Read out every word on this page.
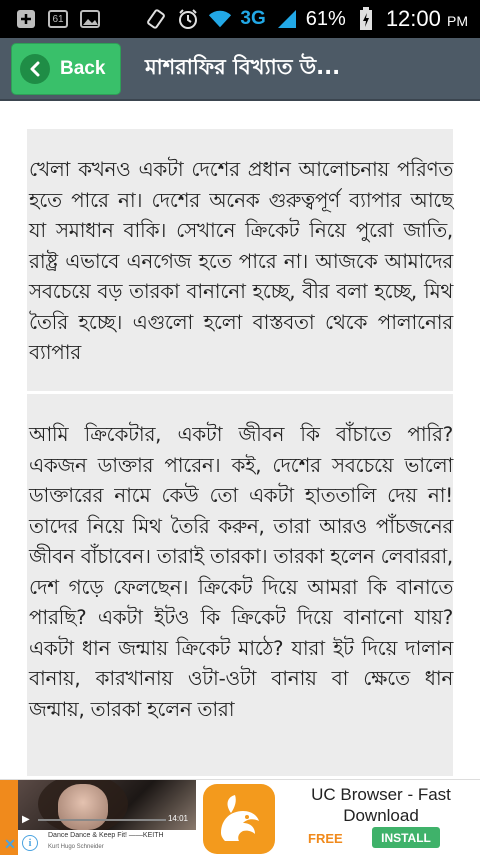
61	3G 61% 12:00 PM
Back মাশরাফির বিখ্যাত উ...

খেলা কখনও একটা দেশের প্রধান আলোচনায় পরিণত হতে পারে না। দেশের অনেক গুরুত্বপূর্ণ ব্যাপার আছে যা সমাধান বাকি। সেখানে ক্রিকেট নিয়ে পুরো জাতি, রাষ্ট্র এভাবে এনগেজ হতে পারে না। আজকে আমাদের সবচেয়ে বড় তারকা বানানো হচ্ছে, বীর বলা হচ্ছে, মিথ তৈরি হচ্ছে। এগুলো হলো বাস্তবতা থেকে পালানোর ব্যাপার

আমি ক্রিকেটার, একটা জীবন কি বাঁচাতে পারি? একজন ডাক্তার পারেন। কই, দেশের সবচেয়ে ভালো ডাক্তারের নামে কেউ তো একটা হাততালি দেয় না! তাদের নিয়ে মিথ তৈরি করুন, তারা আরও পাঁচজনের জীবন বাঁচাবেন। তারাই তারকা। তারকা হলেন লেবাররা, দেশ গড়ে ফেলছেন। ক্রিকেট দিয়ে আমরা কি বানাতে পারছি? একটা ইটও কি ক্রিকেট দিয়ে বানানো যায়? একটা ধান জন্মায় ক্রিকেট মাঠে? যারা ইট দিয়ে দালান বানায়, কারখানায় ওটা-ওটা বানায় বা ক্ষেতে ধান জন্মায়, তারকা হলেন তারা

▶	14:01
Dance Dance & Keep Fit! ——KEITH
Kurt Hugo Schneider
✕	i
UC Browser - Fast Download
FREE	INSTALL
